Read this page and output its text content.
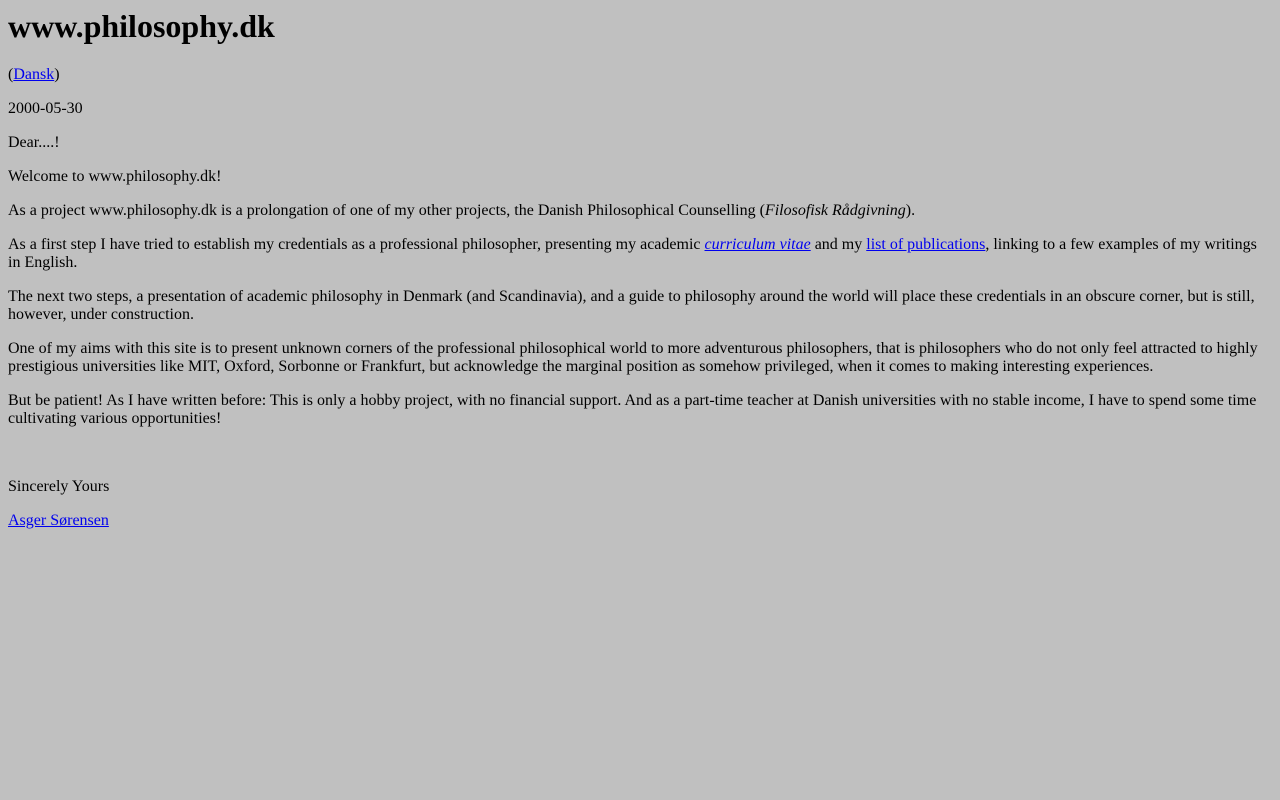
www.philosophy.dk

(Dansk)

2000-05-30

Dear....!

Welcome to www.philosophy.dk!

As a project www.philosophy.dk is a prolongation of one of my other projects, the Danish Philosophical Counselling (Filosofisk Rådgivning).

As a first step I have tried to establish my credentials as a professional philosopher, presenting my academic curriculum vitae and my list of publications, linking to a few examples of my writings in English.

The next two steps, a presentation of academic philosophy in Denmark (and Scandinavia), and a guide to philosophy around the world will place these credentials in an obscure corner, but is still, however, under construction.

One of my aims with this site is to present unknown corners of the professional philosophical world to more adventurous philosophers, that is philosophers who do not only feel attracted to highly prestigious universities like MIT, Oxford, Sorbonne or Frankfurt, but acknowledge the marginal position as somehow privileged, when it comes to making interesting experiences.

But be patient! As I have written before: This is only a hobby project, with no financial support. And as a part-time teacher at Danish universities with no stable income, I have to spend some time cultivating various opportunities!

Sincerely Yours

Asger Sørensen
